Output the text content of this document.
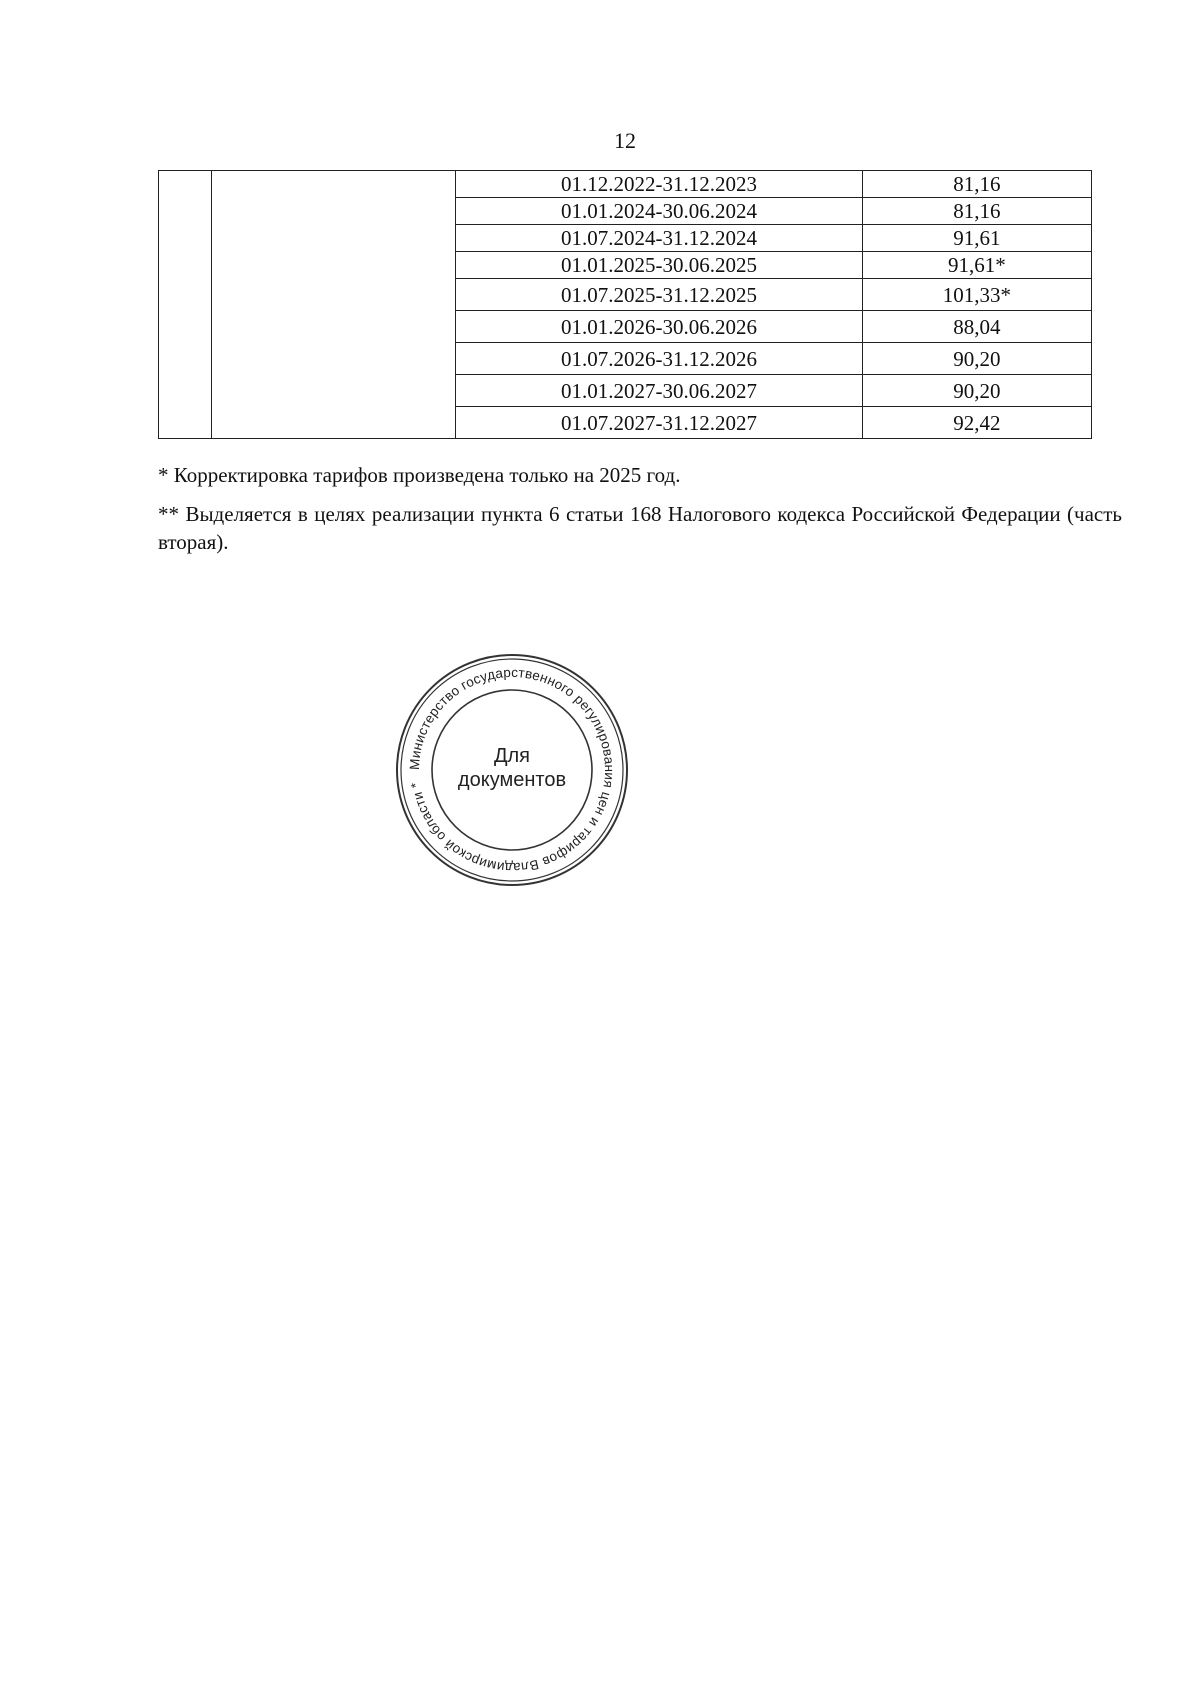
12
		01.12.2022-31.12.2023	81,16
		01.01.2024-30.06.2024	81,16
		01.07.2024-31.12.2024	91,61
		01.01.2025-30.06.2025	91,61*
		01.07.2025-31.12.2025	101,33*
		01.01.2026-30.06.2026	88,04
		01.07.2026-31.12.2026	90,20
		01.01.2027-30.06.2027	90,20
		01.07.2027-31.12.2027	92,42
* Корректировка тарифов произведена только на 2025 год.
** Выделяется в целях реализации пункта 6 статьи 168 Налогового кодекса Российской Федерации (часть вторая).
Министерство государственного регулирования цен и тарифов Владимирской области *
Для
документов
